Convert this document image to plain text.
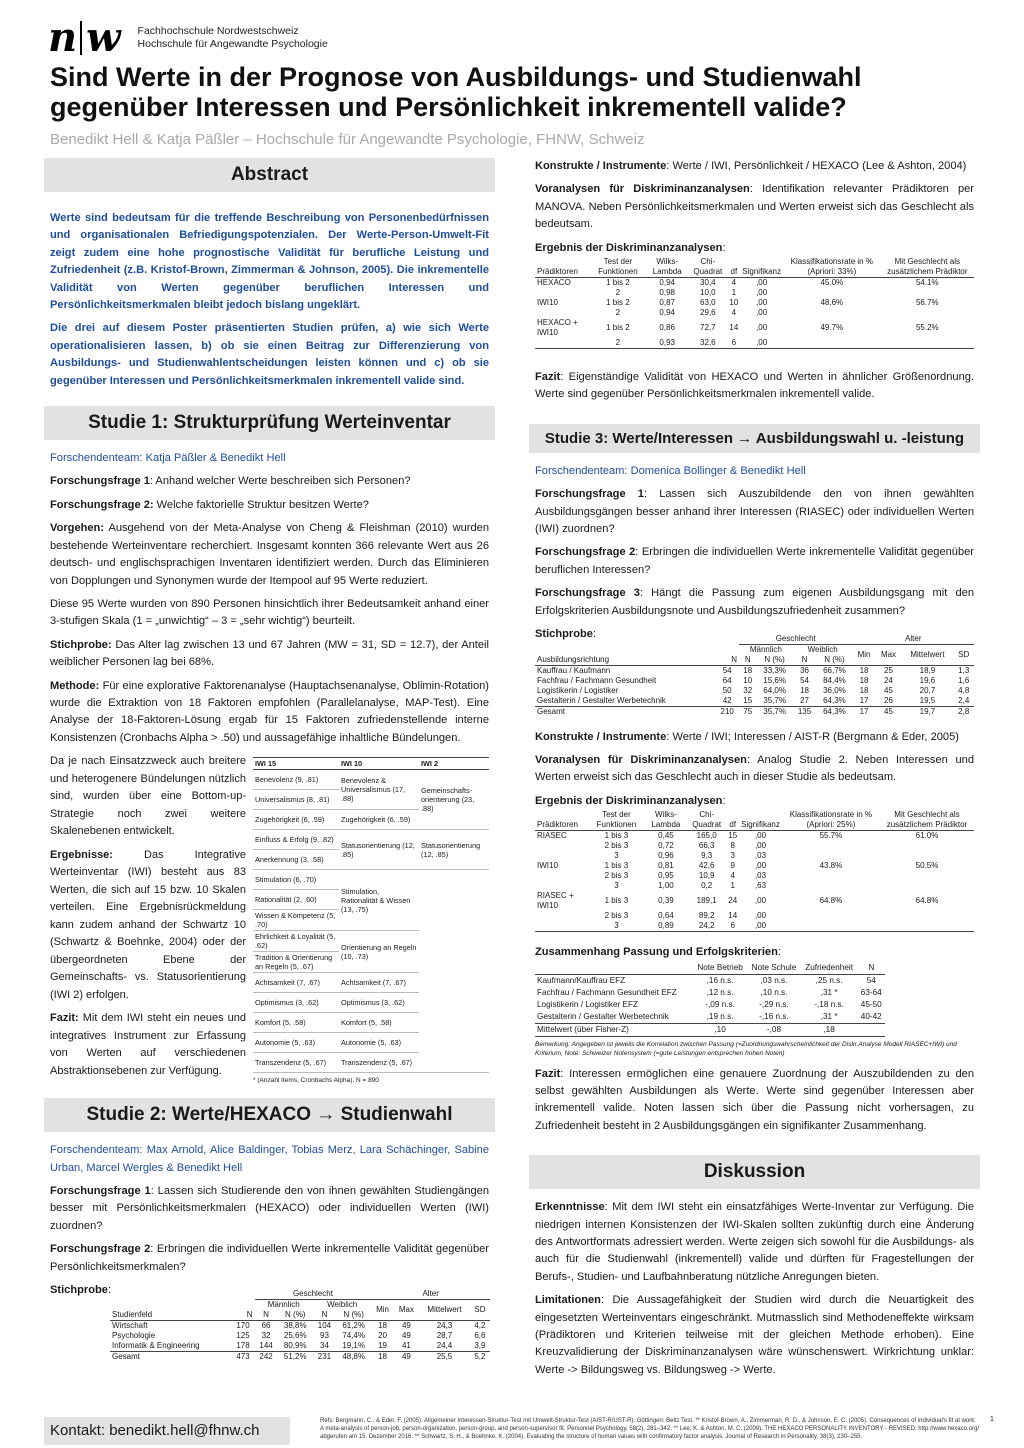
n w Fachhochschule Nordwestschweiz
Hochschule für Angewandte Psychologie
Sind Werte in der Prognose von Ausbildungs- und Studienwahl
gegenüber Interessen und Persönlichkeit inkrementell valide?
Benedikt Hell & Katja Päßler – Hochschule für Angewandte Psychologie, FHNW, Schweiz
Abstract

Werte sind bedeutsam für die treffende Beschreibung von Personenbedürfnissen und organisationalen Befriedigungspotenzialen. Der Werte-Person-Umwelt-Fit zeigt zudem eine hohe prognostische Validität für berufliche Leistung und Zufriedenheit (z.B. Kristof-Brown, Zimmerman & Johnson, 2005). Die inkrementelle Validität von Werten gegenüber beruflichen Interessen und Persönlichkeitsmerkmalen bleibt jedoch bislang ungeklärt.

Die drei auf diesem Poster präsentierten Studien prüfen, a) wie sich Werte operationalisieren lassen, b) ob sie einen Beitrag zur Differenzierung von Ausbildungs- und Studienwahlentscheidungen leisten können und c) ob sie gegenüber Interessen und Persönlichkeitsmerkmalen inkrementell valide sind.

Studie 1: Strukturprüfung Werteinventar

Forschendenteam: Katja Päßler & Benedikt Hell

Forschungsfrage 1: Anhand welcher Werte beschreiben sich Personen?

Forschungsfrage 2: Welche faktorielle Struktur besitzen Werte?

Vorgehen: Ausgehend von der Meta-Analyse von Cheng & Fleishman (2010) wurden bestehende Werteinventare recherchiert. Insgesamt konnten 366 relevante Wert aus 26 deutsch- und englischsprachigen Inventaren identifiziert werden. Durch das Eliminieren von Dopplungen und Synonymen wurde der Itempool auf 95 Werte reduziert.

Diese 95 Werte wurden von 890 Personen hinsichtlich ihrer Bedeutsamkeit anhand einer 3-stufigen Skala (1 = „unwichtig“ – 3 = „sehr wichtig“) beurteilt.

Stichprobe: Das Alter lag zwischen 13 und 67 Jahren (MW = 31, SD = 12.7), der Anteil weiblicher Personen lag bei 68%.

Methode: Für eine explorative Faktorenanalyse (Hauptachsenanalyse, Oblimin-Rotation) wurde die Extraktion von 18 Faktoren empfohlen (Parallelanalyse, MAP-Test). Eine Analyse der 18-Faktoren-Lösung ergab für 15 Faktoren zufriedenstellende interne Konsistenzen (Cronbachs Alpha > .50) und aussagefähige inhaltliche Bündelungen.

Da je nach Einsatzzweck auch breitere und heterogenere Bündelungen nützlich sind, wurden über eine Bottom-up-Strategie noch zwei weitere Skalenebenen entwickelt.

Ergebnisse: Das Integrative Werteinventar (IWI) besteht aus 83 Werten, die sich auf 15 bzw. 10 Skalen verteilen. Eine Ergebnisrückmeldung kann zudem anhand der Schwartz 10 (Schwartz & Boehnke, 2004) oder der übergeordneten Ebene der Gemeinschafts- vs. Statusorientierung (IWI 2) erfolgen.

Fazit: Mit dem IWI steht ein neues und integratives Instrument zur Erfassung von Werten auf verschiedenen Abstraktionsebenen zur Verfügung.

IWI 15	IWI 10	IWI 2
Benevolenz (9, .81)	Benevolenz & Universalismus (17, .88)	Gemeinschafts-orientierung (23, .88)
Universalismus (8, .81)		
Zugehörigkeit (6, .59)	Zugehörigkeit (6, .59)	
Einfluss & Erfolg (9, .82)	Statusorientierung (12, .85)	Statusorientierung (12, .85)
Anerkennung (3, .58)		
Stimulation (6, .70)	Stimulation, Rationalität & Wissen (13, .75)	
Rationalität (2, .60)		
Wissen & Kompetenz (5, .70)		
Ehrlichkeit & Loyalität (5, .62)	Orientierung an Regeln (10, .73)	
Tradition & Orientierung an Regeln (5, .67)		
Achtsamkeit (7, .67)	Achtsamkeit (7, .67)	
Optimismus (3, .62)	Optimismus (3, .62)	
Komfort (5, .58)	Komfort (5, .58)	
Autonomie (5, .63)	Autonomie (5, .63)	
Transzendenz (5, .67)	Transzendenz (5, .67)	
* (Anzahl Items, Cronbachs Alpha), N = 890
Studie 2: Werte/HEXACO → Studienwahl

Forschendenteam: Max Arnold, Alice Baldinger, Tobias Merz, Lara Schächinger, Sabine Urban, Marcel Wergles & Benedikt Hell

Forschungsfrage 1: Lassen sich Studierende den von ihnen gewählten Studiengängen besser mit Persönlichkeitsmerkmalen (HEXACO) oder individuellen Werten (IWI) zuordnen?

Forschungsfrage 2: Erbringen die individuellen Werte inkrementelle Validität gegenüber Persönlichkeitsmerkmalen?

Stichprobe:

			Geschlecht				Alter			
		Männlich		Weiblich		Min	Max	Mittelwert	SD
Studienfeld	N	N	N (%)	N	N (%)				
Wirtschaft	170	66	38,8%	104	61,2%	18	49	24,3	4,2
Psychologie	125	32	25,6%	93	74,4%	20	49	28,7	6,6
Informatik & Engineering	178	144	80,9%	34	19,1%	19	41	24,4	3,9
Gesamt	473	242	51,2%	231	48,8%	18	49	25,5	5,2

Konstrukte / Instrumente: Werte / IWI, Persönlichkeit / HEXACO (Lee & Ashton, 2004)

Voranalysen für Diskriminanzanalysen: Identifikation relevanter Prädiktoren per MANOVA. Neben Persönlichkeitsmerkmalen und Werten erweist sich das Geschlecht als bedeutsam.

Ergebnis der Diskriminanzanalysen:

Prädiktoren	Test der Funktionen	Wilks-Lambda	Chi-Quadrat	df	Signifikanz	Klassifikationsrate in % (Apriori: 33%)	Mit Geschlecht als zusätzlichem Prädiktor
HEXACO	1 bis 2	0,94	30,4	4	,00	45.0%	54.1%
	2	0,98	10,0	1	,00		
IWI10	1 bis 2	0,87	63,0	10	,00	48.6%	56.7%
	2	0,94	29,6	4	,00		
HEXACO + IWI10	1 bis 2	0,86	72,7	14	,00	49.7%	55.2%
	2	0,93	32,6	6	,00		

Fazit: Eigenständige Validität von HEXACO und Werten in ähnlicher Größenordnung. Werte sind gegenüber Persönlichkeitsmerkmalen inkrementell valide.

Studie 3: Werte/Interessen → Ausbildungswahl u. -leistung

Forschendenteam: Domenica Bollinger & Benedikt Hell

Forschungsfrage 1: Lassen sich Auszubildende den von ihnen gewählten Ausbildungsgängen besser anhand ihrer Interessen (RIASEC) oder individuellen Werten (IWI) zuordnen?

Forschungsfrage 2: Erbringen die individuellen Werte inkrementelle Validität gegenüber beruflichen Interessen?

Forschungsfrage 3: Hängt die Passung zum eigenen Ausbildungsgang mit den Erfolgskriterien Ausbildungsnote und Ausbildungszufriedenheit zusammen?

Stichprobe:

			Geschlecht				Alter			
		Männlich		Weiblich		Min	Max	Mittelwert	SD
Ausbildungsrichtung	N	N	N (%)	N	N (%)				
Kauffrau / Kaufmann	54	18	33,3%	36	66,7%	18	25	18,9	1,3
Fachfrau / Fachmann Gesundheit	64	10	15,6%	54	84,4%	18	24	19,6	1,6
Logistikerin / Logistiker	50	32	64,0%	18	36,0%	18	45	20,7	4,8
Gestalterin / Gestalter Werbetechnik	42	15	35,7%	27	64,3%	17	26	19,5	2,4
Gesamt	210	75	35,7%	135	64,3%	17	45	19,7	2,8

Konstrukte / Instrumente: Werte / IWI; Interessen / AIST-R (Bergmann & Eder, 2005)

Voranalysen für Diskriminanzanalysen: Analog Studie 2. Neben Interessen und Werten erweist sich das Geschlecht auch in dieser Studie als bedeutsam.

Ergebnis der Diskriminanzanalysen:

Prädiktoren	Test der Funktionen	Wilks-Lambda	Chi-Quadrat	df	Signifikanz	Klassifikationsrate in % (Apriori: 25%)	Mit Geschlecht als zusätzlichem Prädiktor
RIASEC	1 bis 3	0,45	165,0	15	,00	55.7%	61.0%
	2 bis 3	0,72	66,3	8	,00		
	3	0,96	9,3	3	,03		
IWI10	1 bis 3	0,81	42,6	9	,00	43.8%	50.5%
	2 bis 3	0,95	10,9	4	,03		
	3	1,00	0,2	1	,63		
RIASEC + IWI10	1 bis 3	0,39	189,1	24	,00	64.8%	64.8%
	2 bis 3	0,64	89,2	14	,00		
	3	0,89	24,2	6	,00		

Zusammenhang Passung und Erfolgskriterien:

	Note Betrieb	Note Schule	Zufriedenheit	N
Kaufmann/Kauffrau EFZ	,16 n.s.	,03 n.s.	,25 n.s.	54
Fachfrau / Fachmann Gesundheit EFZ	,12 n.s.	,10 n.s.	,31 *	63-64
Logistikerin / Logistiker EFZ	-,09 n.s.	-,29 n.s.	-,18 n.s.	45-50
Gestalterin / Gestalter Werbetechnik	,19 n.s.	-,16 n.s.	,31 *	40-42
Mittelwert (über Fisher-Z)	,10	-,08	,18	
Bemerkung: Angegeben ist jeweils die Korrelation zwischen Passung (=Zuordnungswahrscheinlichkeit der Diskr.Analyse Modell RIASEC+IWI) und Kriterium, Note: Schweizer Notensystem (=gute Leistungen entsprechen hohen Noten)

Fazit: Interessen ermöglichen eine genauere Zuordnung der Auszubildenden zu den selbst gewählten Ausbildungen als Werte. Werte sind gegenüber Interessen aber inkrementell valide. Noten lassen sich über die Passung nicht vorhersagen, zu Zufriedenheit besteht in 2 Ausbildungsgängen ein signifikanter Zusammenhang.

Diskussion

Erkenntnisse: Mit dem IWI steht ein einsatzfähiges Werte-Inventar zur Verfügung. Die niedrigen internen Konsistenzen der IWI-Skalen sollten zukünftig durch eine Änderung des Antwortformats adressiert werden. Werte zeigen sich sowohl für die Ausbildungs- als auch für die Studienwahl (inkrementell) valide und dürften für Fragestellungen der Berufs-, Studien- und Laufbahnberatung nützliche Anregungen bieten.

Limitationen: Die Aussagefähigkeit der Studien wird durch die Neuartigkeit des eingesetzten Werteinventars eingeschränkt. Mutmasslich sind Methodeneffekte wirksam (Prädiktoren und Kriterien teilweise mit der gleichen Methode erhoben). Eine Kreuzvalidierung der Diskriminanzanalysen wäre wünschenswert. Wirkrichtung unklar: Werte -> Bildungsweg vs. Bildungsweg -> Werte.

Kontakt: benedikt.hell@fhnw.ch
Refs: Bergmann, C., & Eder, F. (2005). Allgemeiner Interessen-Struktur-Test mit Umwelt-Struktur-Test (AIST-R/UST-R). Göttingen: Beltz Test. ** Kristof-Brown, A., Zimmerman, R. D., & Johnson, E. C. (2005). Consequences of individual's fit at work: A meta-analysis of person-job, person-organization, person-group, and person-supervisor fit. Personnel Psychology, 58(2), 281–342. ** Lee, K. & Ashton, M. C. (2009). THE HEXACO PERSONALITY INVENTORY - REVISED: http://www.hexaco.org/ abgerufen am 15. Dezember 2016. ** Schwartz, S. H., & Boehnke, K. (2004). Evaluating the structure of human values with confirmatory factor analysis. Journal of Research in Personality, 38(3), 230–255.
1
